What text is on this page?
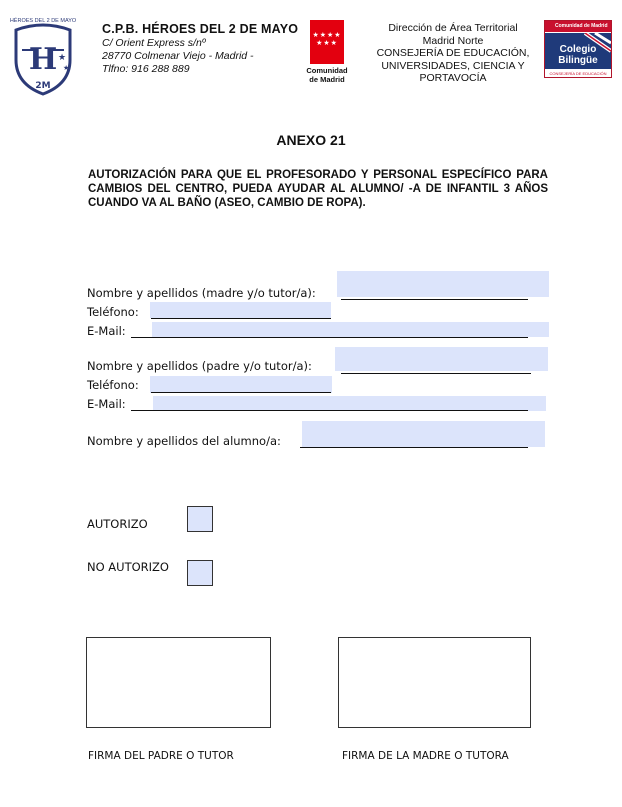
H ★
★
2M
HÉROES DEL 2 DE MAYO
C.P.B. HÉROES DEL 2 DE MAYO
C/ Orient Express s/nº
28770 Colmenar Viejo - Madrid -
Tlfno: 916 288 889
★★★★
★★★
Comunidad
de Madrid
Dirección de Área Territorial
Madrid Norte
CONSEJERÍA DE EDUCACIÓN,
UNIVERSIDADES, CIENCIA Y
PORTAVOCÍA
Comunidad de Madrid
Colegio
Bilingüe
CONSEJERÍA DE EDUCACIÓN
ANEXO 21
AUTORIZACIÓN PARA QUE EL PROFESORADO Y PERSONAL ESPECÍFICO PARA CAMBIOS DEL CENTRO, PUEDA AYUDAR AL ALUMNO/ -A DE INFANTIL 3 AÑOS CUANDO VA AL BAÑO (ASEO, CAMBIO DE ROPA).
Nombre y apellidos (madre y/o tutor/a):
Teléfono:
E-Mail:
Nombre y apellidos (padre y/o tutor/a):
Teléfono:
E-Mail:
Nombre y apellidos del alumno/a:
AUTORIZO
NO AUTORIZO
FIRMA DEL PADRE O TUTOR	FIRMA DE LA MADRE O TUTORA
